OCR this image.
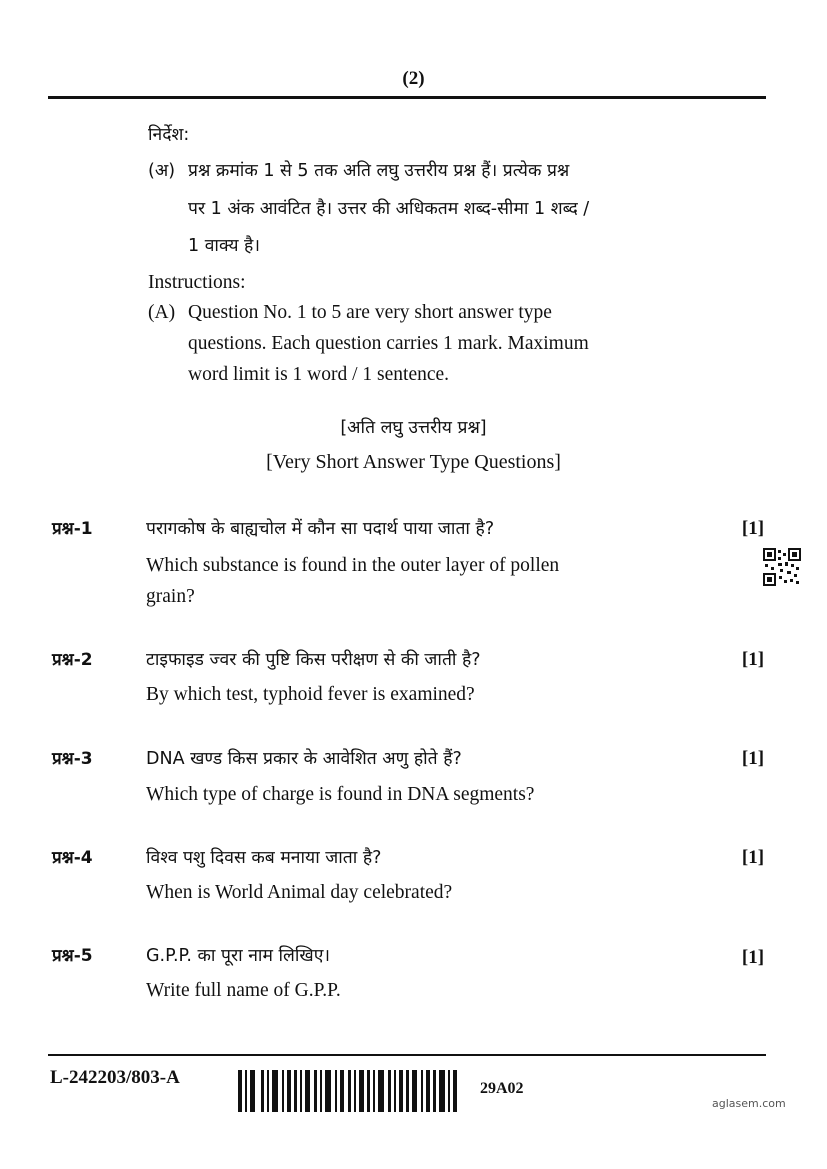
(2)
निर्देश:
(अ) प्रश्न क्रमांक 1 से 5 तक अति लघु उत्तरीय प्रश्न हैं। प्रत्येक प्रश्न
पर 1 अंक आवंटित है। उत्तर की अधिकतम शब्द-सीमा 1 शब्द /
1 वाक्य है।
Instructions:
(A) Question No. 1 to 5 are very short answer type
questions. Each question carries 1 mark. Maximum
word limit is 1 word / 1 sentence.
[अति लघु उत्तरीय प्रश्न]
[Very Short Answer Type Questions]
प्रश्न-1	परागकोष के बाह्यचोल में कौन सा पदार्थ पाया जाता है?	[1]
Which substance is found in the outer layer of pollen
grain?
प्रश्न-2	टाइफाइड ज्वर की पुष्टि किस परीक्षण से की जाती है?	[1]
By which test, typhoid fever is examined?
प्रश्न-3	DNA खण्ड किस प्रकार के आवेशित अणु होते हैं?	[1]
Which type of charge is found in DNA segments?
प्रश्न-4	विश्व पशु दिवस कब मनाया जाता है?	[1]
When is World Animal day celebrated?
प्रश्न-5	G.P.P. का पूरा नाम लिखिए।	[1]
Write full name of G.P.P.
L-242203/803-A
29A02
aglasem.com
